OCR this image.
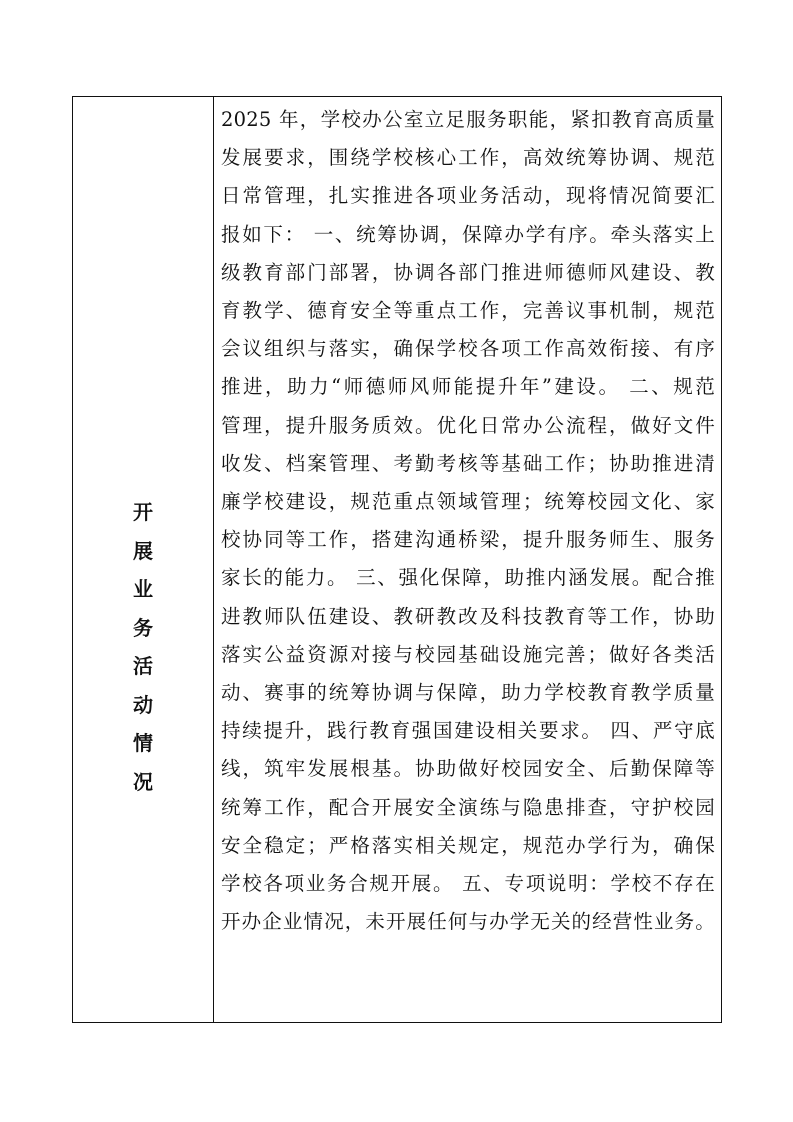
开
展
业
务
活
动
情
况
2025 年，学校办公室立足服务职能，紧扣教育高质量
发展要求，围绕学校核心工作，高效统筹协调、规范
日常管理，扎实推进各项业务活动，现将情况简要汇
报如下： 一、统筹协调，保障办学有序。牵头落实上
级教育部门部署，协调各部门推进师德师风建设、教
育教学、德育安全等重点工作，完善议事机制，规范
会议组织与落实，确保学校各项工作高效衔接、有序
推进，助力“师德师风师能提升年”建设。 二、规范
管理，提升服务质效。优化日常办公流程，做好文件
收发、档案管理、考勤考核等基础工作；协助推进清
廉学校建设，规范重点领域管理；统筹校园文化、家
校协同等工作，搭建沟通桥梁，提升服务师生、服务
家长的能力。 三、强化保障，助推内涵发展。配合推
进教师队伍建设、教研教改及科技教育等工作，协助
落实公益资源对接与校园基础设施完善；做好各类活
动、赛事的统筹协调与保障，助力学校教育教学质量
持续提升，践行教育强国建设相关要求。 四、严守底
线，筑牢发展根基。协助做好校园安全、后勤保障等
统筹工作，配合开展安全演练与隐患排查，守护校园
安全稳定；严格落实相关规定，规范办学行为，确保
学校各项业务合规开展。 五、专项说明：学校不存在
开办企业情况，未开展任何与办学无关的经营性业务。
